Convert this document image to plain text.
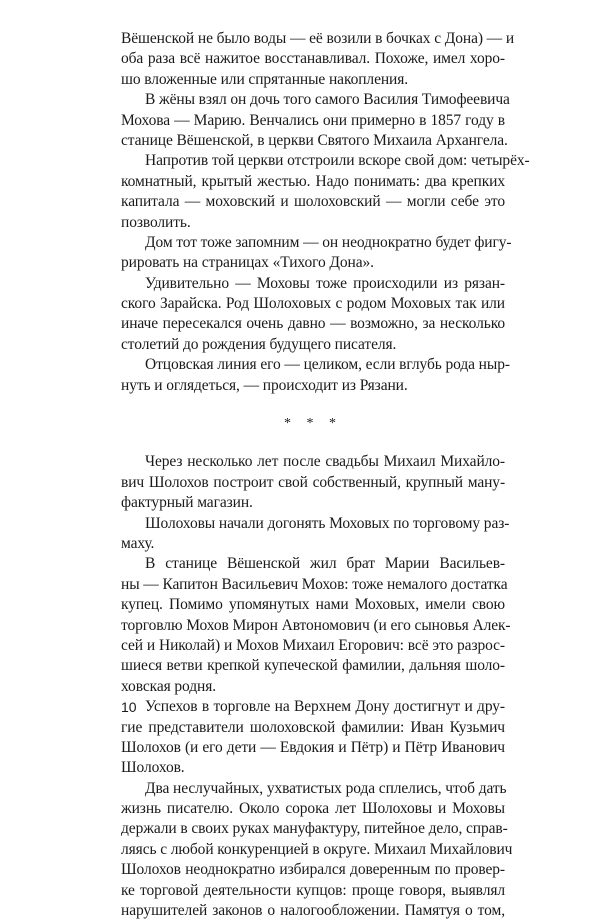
Вёшенской не было воды — её возили в бочках с Дона) — и
оба раза всё нажитое восстанавливал. Похоже, имел хоро-
шо вложенные или спрятанные накопления.
В жёны взял он дочь того самого Василия Тимофеевича
Мохова — Марию. Венчались они примерно в 1857 году в
станице Вёшенской, в церкви Святого Михаила Архангела.
Напротив той церкви отстроили вскоре свой дом: четырёх-
комнатный, крытый жестью. Надо понимать: два крепких
капитала — моховский и шолоховский — могли себе это
позволить.
Дом тот тоже запомним — он неоднократно будет фигу-
рировать на страницах «Тихого Дона».
Удивительно — Моховы тоже происходили из рязан-
ского Зарайска. Род Шолоховых с родом Моховых так или
иначе пересекался очень давно — возможно, за несколько
столетий до рождения будущего писателя.
Отцовская линия его — целиком, если вглубь рода ныр-
нуть и оглядеться, — происходит из Рязани.
* * *
Через несколько лет после свадьбы Михаил Михайло-
вич Шолохов построит свой собственный, крупный ману-
фактурный магазин.
Шолоховы начали догонять Моховых по торговому раз-
маху.
В станице Вёшенской жил брат Марии Васильев-
ны — Капитон Васильевич Мохов: тоже немалого достатка
купец. Помимо упомянутых нами Моховых, имели свою
торговлю Мохов Мирон Автономович (и его сыновья Алек-
сей и Николай) и Мохов Михаил Егорович: всё это разрос-
шиеся ветви крепкой купеческой фамилии, дальняя шоло-
ховская родня.
Успехов в торговле на Верхнем Дону достигнут и дру-
гие представители шолоховской фамилии: Иван Кузьмич
Шолохов (и его дети — Евдокия и Пётр) и Пётр Иванович
Шолохов.
Два неслучайных, ухватистых рода сплелись, чтоб дать
жизнь писателю. Около сорока лет Шолоховы и Моховы
держали в своих руках мануфактуру, питейное дело, справ-
ляясь с любой конкуренцией в округе. Михаил Михайлович
Шолохов неоднократно избирался доверенным по провер-
ке торговой деятельности купцов: проще говоря, выявлял
нарушителей законов о налогообложении. Памятуя о том,
10
